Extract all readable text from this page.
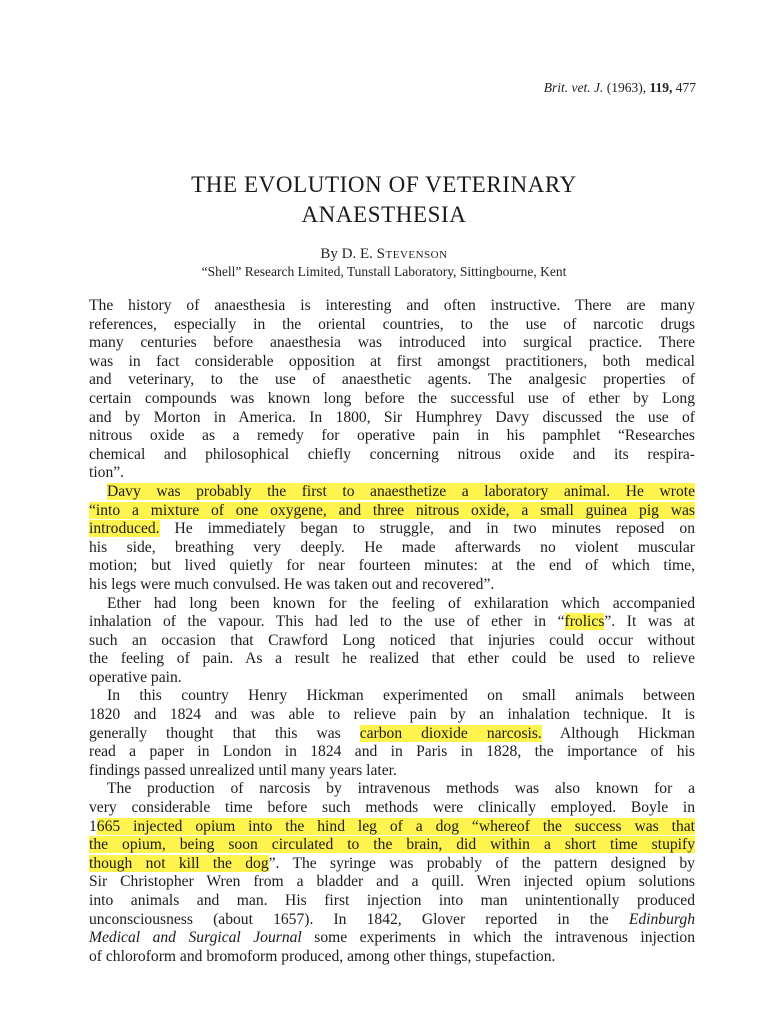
Brit. vet. J. (1963), 119, 477
THE EVOLUTION OF VETERINARY
ANAESTHESIA
By D. E. Stevenson
“Shell” Research Limited, Tunstall Laboratory, Sittingbourne, Kent
The history of anaesthesia is interesting and often instructive. There are many
references, especially in the oriental countries, to the use of narcotic drugs
many centuries before anaesthesia was introduced into surgical practice. There
was in fact considerable opposition at first amongst practitioners, both medical
and veterinary, to the use of anaesthetic agents. The analgesic properties of
certain compounds was known long before the successful use of ether by Long
and by Morton in America. In 1800, Sir Humphrey Davy discussed the use of
nitrous oxide as a remedy for operative pain in his pamphlet “Researches
chemical and philosophical chiefly concerning nitrous oxide and its respira-
tion”.
Davy was probably the first to anaesthetize a laboratory animal. He wrote
“into a mixture of one oxygene, and three nitrous oxide, a small guinea pig was
introduced. He immediately began to struggle, and in two minutes reposed on
his side, breathing very deeply. He made afterwards no violent muscular
motion; but lived quietly for near fourteen minutes: at the end of which time,
his legs were much convulsed. He was taken out and recovered”.
Ether had long been known for the feeling of exhilaration which accompanied
inhalation of the vapour. This had led to the use of ether in “frolics”. It was at
such an occasion that Crawford Long noticed that injuries could occur without
the feeling of pain. As a result he realized that ether could be used to relieve
operative pain.
In this country Henry Hickman experimented on small animals between
1820 and 1824 and was able to relieve pain by an inhalation technique. It is
generally thought that this was carbon dioxide narcosis. Although Hickman
read a paper in London in 1824 and in Paris in 1828, the importance of his
findings passed unrealized until many years later.
The production of narcosis by intravenous methods was also known for a
very considerable time before such methods were clinically employed. Boyle in
1665 injected opium into the hind leg of a dog “whereof the success was that
the opium, being soon circulated to the brain, did within a short time stupify
though not kill the dog”. The syringe was probably of the pattern designed by
Sir Christopher Wren from a bladder and a quill. Wren injected opium solutions
into animals and man. His first injection into man unintentionally produced
unconsciousness (about 1657). In 1842, Glover reported in the Edinburgh
Medical and Surgical Journal some experiments in which the intravenous injection
of chloroform and bromoform produced, among other things, stupefaction.
